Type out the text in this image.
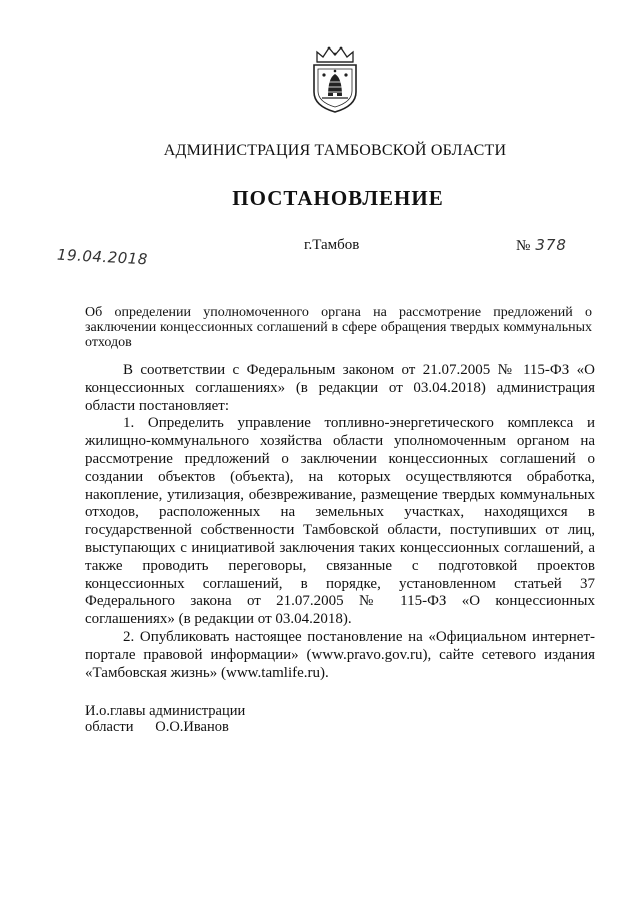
АДМИНИСТРАЦИЯ ТАМБОВСКОЙ ОБЛАСТИ
ПОСТАНОВЛЕНИЕ
19.04.2018
г.Тамбов	№ 378
Об определении уполномоченного органа на рассмотрение предложений о заключении концессионных соглашений в сфере обращения твердых коммунальных отходов

В соответствии с Федеральным законом от 21.07.2005 № 115-ФЗ «О концессионных соглашениях» (в редакции от 03.04.2018) администрация области постановляет:

1. Определить управление топливно-энергетического комплекса и жилищно-коммунального хозяйства области уполномоченным органом на рассмотрение предложений о заключении концессионных соглашений о создании объектов (объекта), на которых осуществляются обработка, накопление, утилизация, обезвреживание, размещение твердых коммунальных отходов, расположенных на земельных участках, находящихся в государственной собственности Тамбовской области, поступивших от лиц, выступающих с инициативой заключения таких концессионных соглашений, а также проводить переговоры, связанные с подготовкой проектов концессионных соглашений, в порядке, установленном статьей 37 Федерального закона от 21.07.2005 № 115-ФЗ «О концессионных соглашениях» (в редакции от 03.04.2018).

2. Опубликовать настоящее постановление на «Официальном интернет-портале правовой информации» (www.pravo.gov.ru), сайте сетевого издания «Тамбовская жизнь» (www.tamlife.ru).

И.о.главы администрации
области О.О.Иванов
